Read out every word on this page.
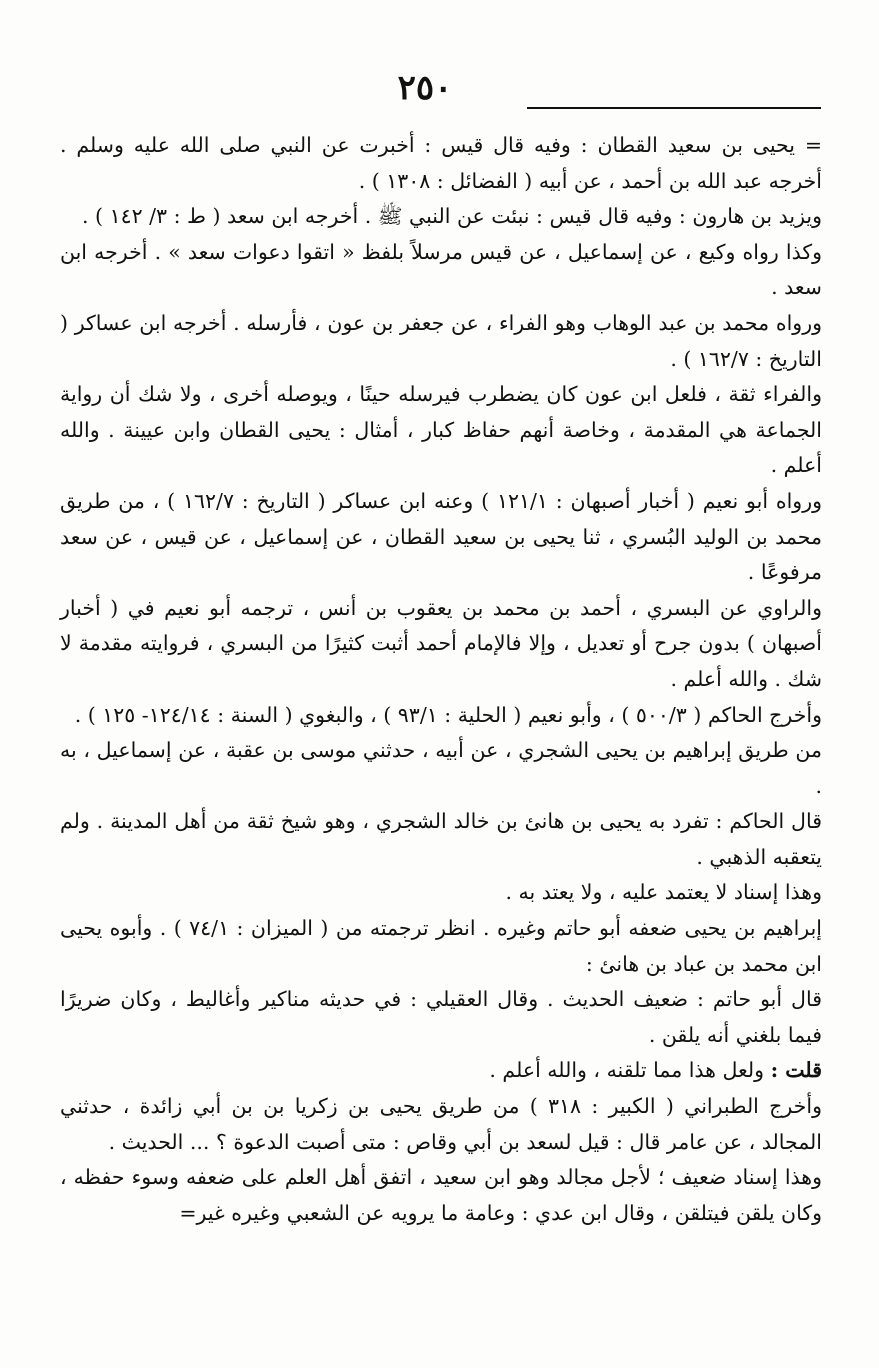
٢٥٠

= يحيى بن سعيد القطان : وفيه قال قيس : أخبرت عن النبي صلى الله عليه وسلم . أخرجه عبد الله بن أحمد ، عن أبيه ( الفضائل : ١٣٠٨ ) .

ويزيد بن هارون : وفيه قال قيس : نبئت عن النبي ﷺ . أخرجه ابن سعد ( ط : ٣/ ١٤٢ ) .

وكذا رواه وكيع ، عن إسماعيل ، عن قيس مرسلاً بلفظ « اتقوا دعوات سعد » . أخرجه ابن سعد .

ورواه محمد بن عبد الوهاب وهو الفراء ، عن جعفر بن عون ، فأرسله . أخرجه ابن عساكر ( التاريخ : ١٦٢/٧ ) .

والفراء ثقة ، فلعل ابن عون كان يضطرب فيرسله حينًا ، ويوصله أخرى ، ولا شك أن رواية الجماعة هي المقدمة ، وخاصة أنهم حفاظ كبار ، أمثال : يحيى القطان وابن عيينة . والله أعلم .

ورواه أبو نعيم ( أخبار أصبهان : ١٢١/١ ) وعنه ابن عساكر ( التاريخ : ١٦٢/٧ ) ، من طريق محمد بن الوليد البُسري ، ثنا يحيى بن سعيد القطان ، عن إسماعيل ، عن قيس ، عن سعد مرفوعًا .

والراوي عن البسري ، أحمد بن محمد بن يعقوب بن أنس ، ترجمه أبو نعيم في ( أخبار أصبهان ) بدون جرح أو تعديل ، وإلا فالإمام أحمد أثبت كثيرًا من البسري ، فروايته مقدمة لا شك . والله أعلم .

وأخرج الحاكم ( ٥٠٠/٣ ) ، وأبو نعيم ( الحلية : ٩٣/١ ) ، والبغوي ( السنة : ١٢٤/١٤- ١٢٥ ) .

من طريق إبراهيم بن يحيى الشجري ، عن أبيه ، حدثني موسى بن عقبة ، عن إسماعيل ، به .

قال الحاكم : تفرد به يحيى بن هانئ بن خالد الشجري ، وهو شيخ ثقة من أهل المدينة . ولم يتعقبه الذهبي .

وهذا إسناد لا يعتمد عليه ، ولا يعتد به .

إبراهيم بن يحيى ضعفه أبو حاتم وغيره . انظر ترجمته من ( الميزان : ٧٤/١ ) . وأبوه يحيى ابن محمد بن عباد بن هانئ :

قال أبو حاتم : ضعيف الحديث . وقال العقيلي : في حديثه مناكير وأغاليط ، وكان ضريرًا فيما بلغني أنه يلقن .

قلت : ولعل هذا مما تلقنه ، والله أعلم .

وأخرج الطبراني ( الكبير : ٣١٨ ) من طريق يحيى بن زكريا بن بن أبي زائدة ، حدثني المجالد ، عن عامر قال : قيل لسعد بن أبي وقاص : متى أصبت الدعوة ؟ ... الحديث .

وهذا إسناد ضعيف ؛ لأجل مجالد وهو ابن سعيد ، اتفق أهل العلم على ضعفه وسوء حفظه ، وكان يلقن فيتلقن ، وقال ابن عدي : وعامة ما يرويه عن الشعبي وغيره غير=
